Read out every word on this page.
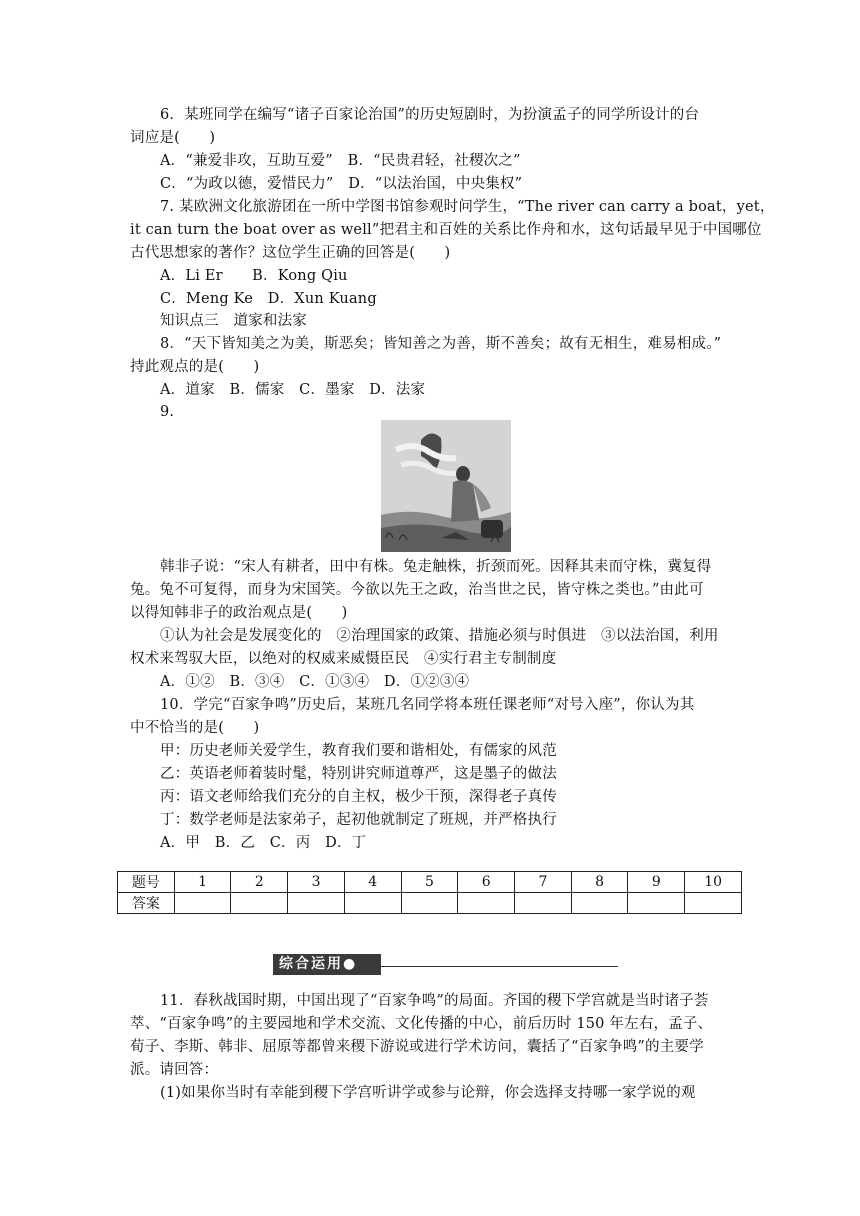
6．某班同学在编写“诸子百家论治国”的历史短剧时，为扮演孟子的同学所设计的台
词应是(　　)
A．“兼爱非攻，互助互爱”　B．“民贵君轻，社稷次之”
C．“为政以德，爱惜民力”　D．“以法治国，中央集权”
7. 某欧洲文化旅游团在一所中学图书馆参观时问学生，“The river can carry a boat，yet，
it can turn the boat over as well”把君主和百姓的关系比作舟和水，这句话最早见于中国哪位
古代思想家的著作？这位学生正确的回答是(　　)
A．Li Er　　B．Kong Qiu
C．Meng Ke　D．Xun Kuang
知识点三　道家和法家
8．“天下皆知美之为美，斯恶矣；皆知善之为善，斯不善矣；故有无相生，难易相成。”
持此观点的是(　　)
A．道家　B．儒家　C．墨家　D．法家
9.
韩非子说：“宋人有耕者，田中有株。兔走触株，折颈而死。因释其耒而守株，冀复得
兔。兔不可复得，而身为宋国笑。今欲以先王之政，治当世之民，皆守株之类也。”由此可
以得知韩非子的政治观点是(　　)
①认为社会是发展变化的　②治理国家的政策、措施必须与时俱进　③以法治国，利用
权术来驾驭大臣，以绝对的权威来威慑臣民　④实行君主专制制度
A．①②　B．③④　C．①③④　D．①②③④
10．学完“百家争鸣”历史后，某班几名同学将本班任课老师“对号入座”，你认为其
中不恰当的是(　　)
甲：历史老师关爱学生，教育我们要和谐相处，有儒家的风范
乙：英语老师着装时髦，特别讲究师道尊严，这是墨子的做法
丙：语文老师给我们充分的自主权，极少干预，深得老子真传
丁：数学老师是法家弟子，起初他就制定了班规，并严格执行
A．甲　B．乙　C．丙　D．丁
题号	1	2	3	4	5	6	7	8	9	10
答案										
综合运用●
11．春秋战国时期，中国出现了“百家争鸣”的局面。齐国的稷下学宫就是当时诸子荟
萃、“百家争鸣”的主要园地和学术交流、文化传播的中心，前后历时 150 年左右，孟子、
荀子、李斯、韩非、屈原等都曾来稷下游说或进行学术访问，囊括了“百家争鸣”的主要学
派。请回答：
(1)如果你当时有幸能到稷下学宫听讲学或参与论辩，你会选择支持哪一家学说的观
